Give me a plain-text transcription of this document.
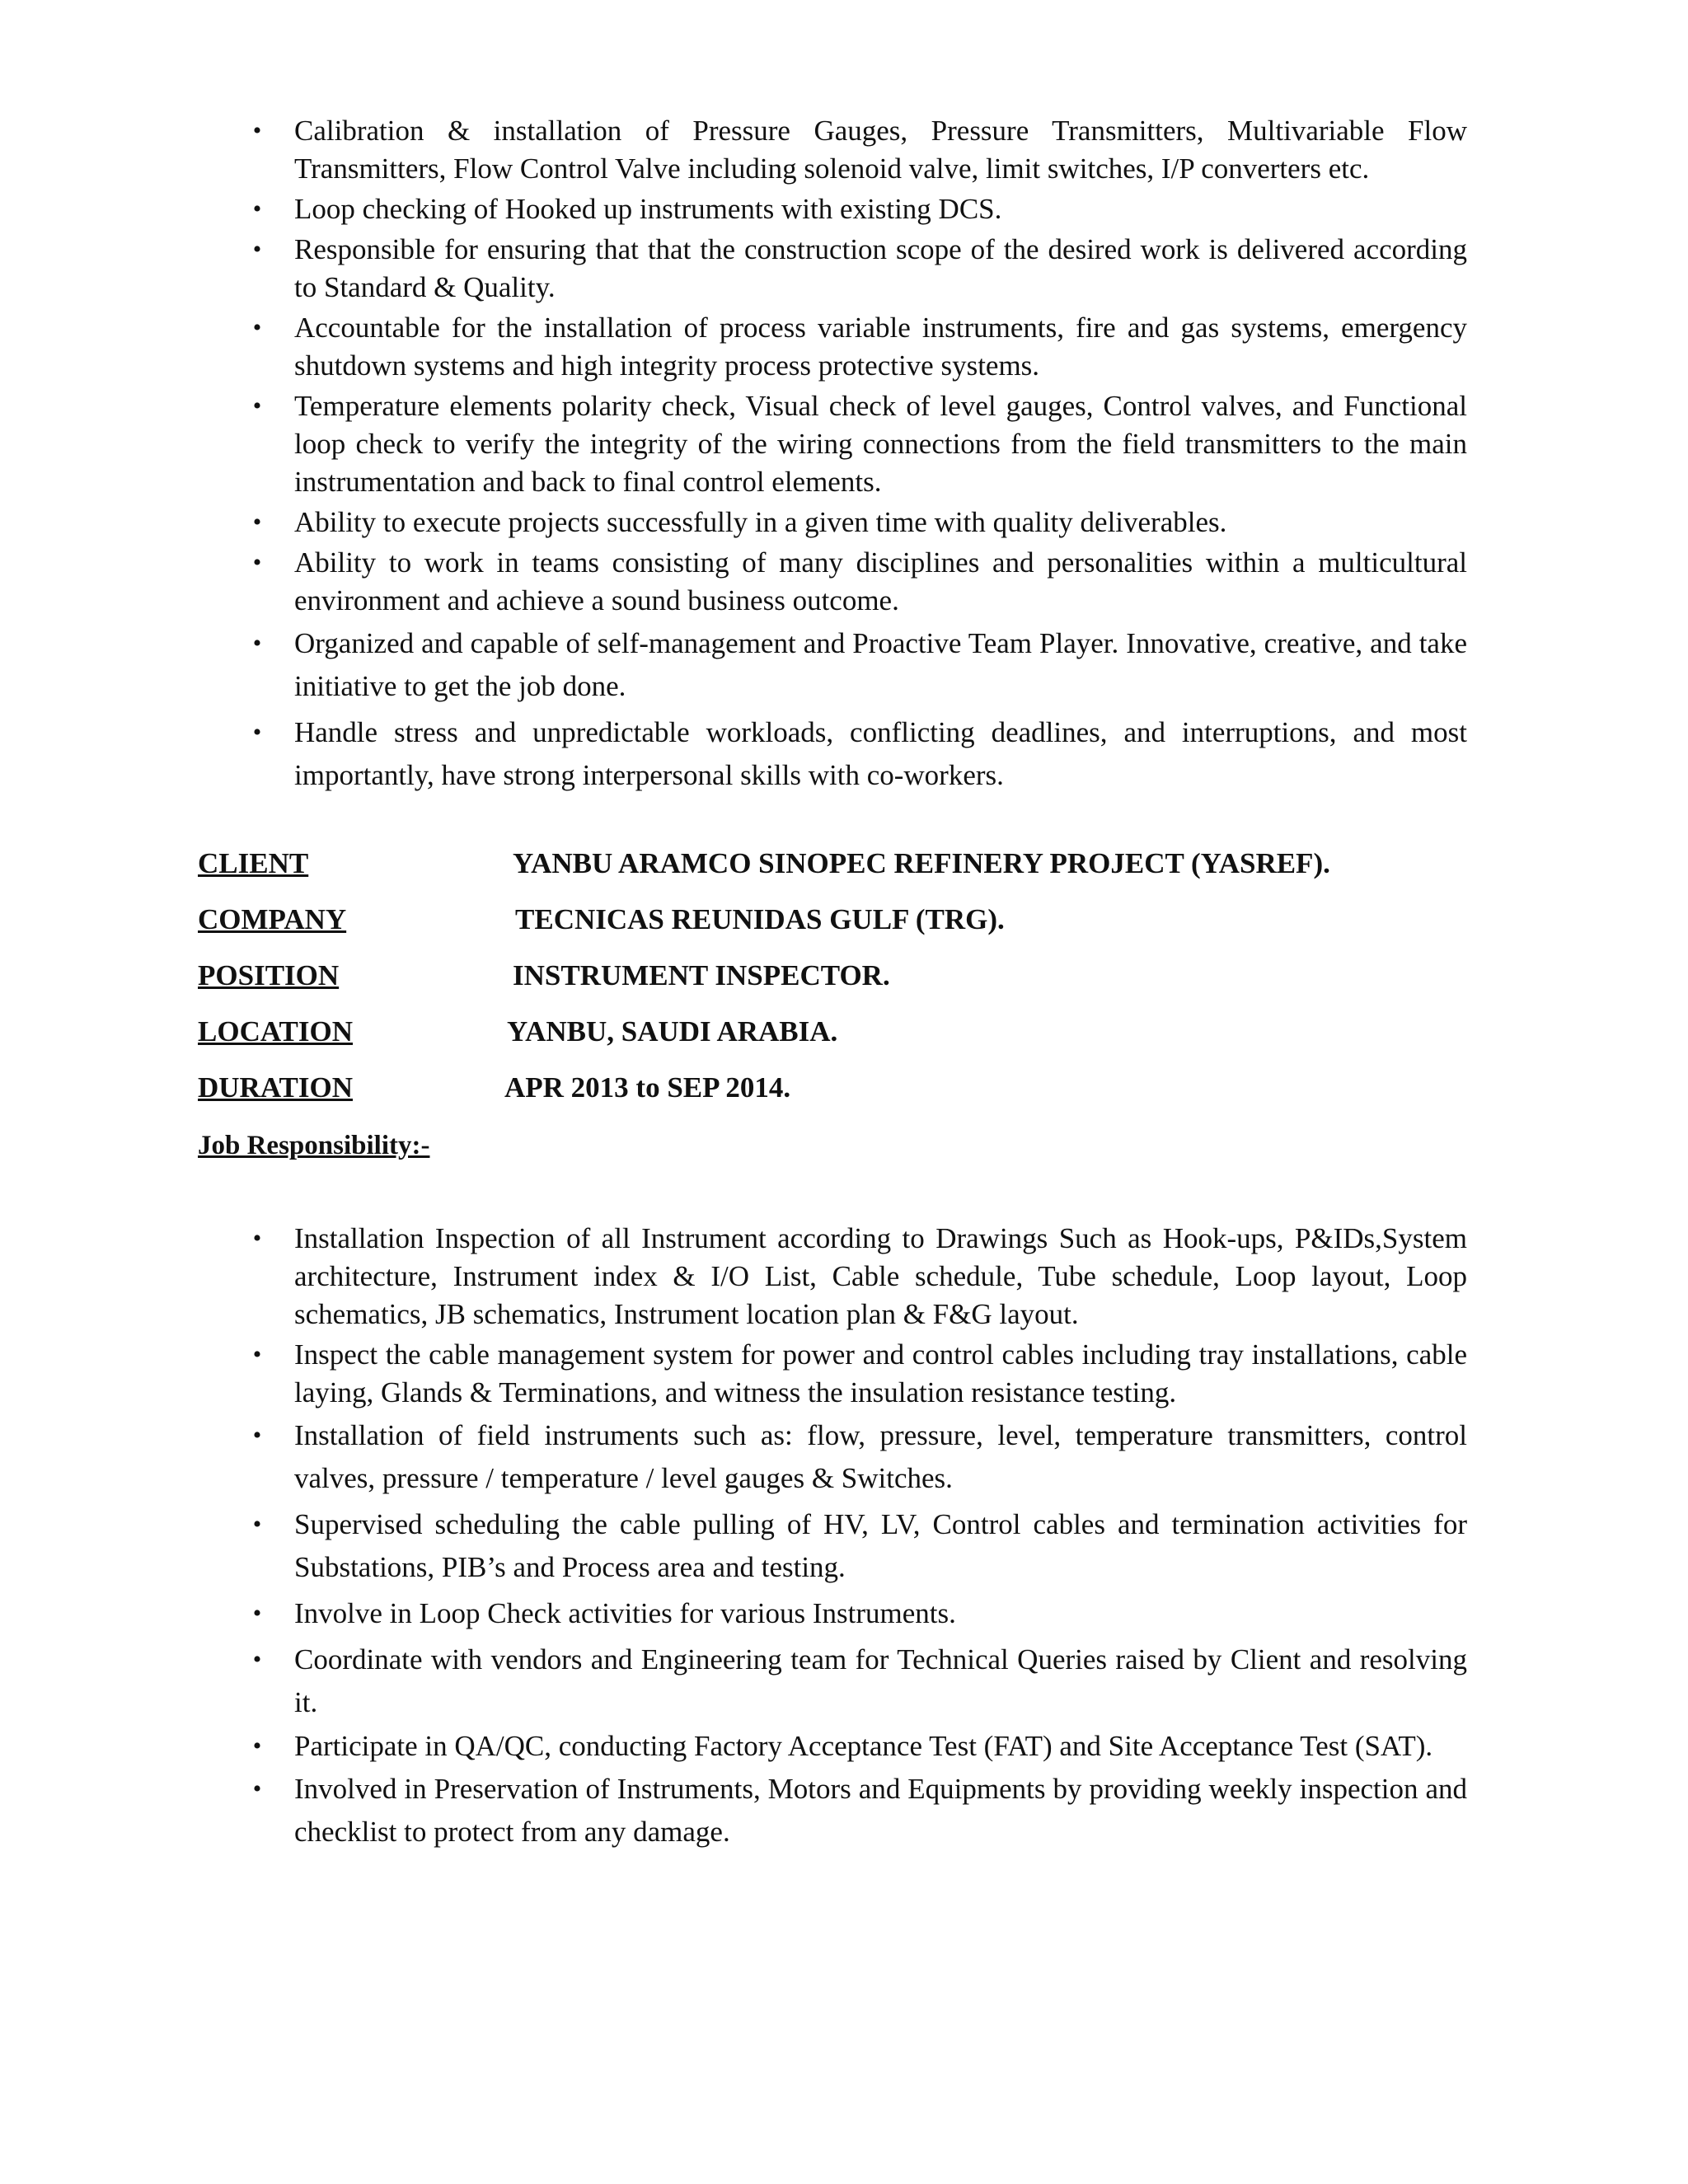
• Calibration & installation of Pressure Gauges, Pressure Transmitters, Multivariable Flow Transmitters, Flow Control Valve including solenoid valve, limit switches, I/P converters etc.
• Loop checking of Hooked up instruments with existing DCS.
• Responsible for ensuring that that the construction scope of the desired work is delivered according to Standard & Quality.
• Accountable for the installation of process variable instruments, fire and gas systems, emergency shutdown systems and high integrity process protective systems.
• Temperature elements polarity check, Visual check of level gauges, Control valves, and Functional loop check to verify the integrity of the wiring connections from the field transmitters to the main instrumentation and back to final control elements.
• Ability to execute projects successfully in a given time with quality deliverables.
• Ability to work in teams consisting of many disciplines and personalities within a multicultural environment and achieve a sound business outcome.
• Organized and capable of self-management and Proactive Team Player. Innovative, creative, and take initiative to get the job done.
• Handle stress and unpredictable workloads, conflicting deadlines, and interruptions, and most importantly, have strong interpersonal skills with co-workers.
CLIENT	YANBU ARAMCO SINOPEC REFINERY PROJECT (YASREF).
COMPANY	TECNICAS REUNIDAS GULF (TRG).
POSITION	INSTRUMENT INSPECTOR.
LOCATION	YANBU, SAUDI ARABIA.
DURATION	APR 2013 to SEP 2014.
Job Responsibility:-
• Installation Inspection of all Instrument according to Drawings Such as Hook-ups, P&IDs,System architecture, Instrument index & I/O List, Cable schedule, Tube schedule, Loop layout, Loop schematics, JB schematics, Instrument location plan & F&G layout.
• Inspect the cable management system for power and control cables including tray installations, cable laying, Glands & Terminations, and witness the insulation resistance testing.
• Installation of field instruments such as: flow, pressure, level, temperature transmitters, control valves, pressure / temperature / level gauges & Switches.
• Supervised scheduling the cable pulling of HV, LV, Control cables and termination activities for Substations, PIB’s and Process area and testing.
• Involve in Loop Check activities for various Instruments.
• Coordinate with vendors and Engineering team for Technical Queries raised by Client and resolving it.
• Participate in QA/QC, conducting Factory Acceptance Test (FAT) and Site Acceptance Test (SAT).
• Involved in Preservation of Instruments, Motors and Equipments by providing weekly inspection and checklist to protect from any damage.
